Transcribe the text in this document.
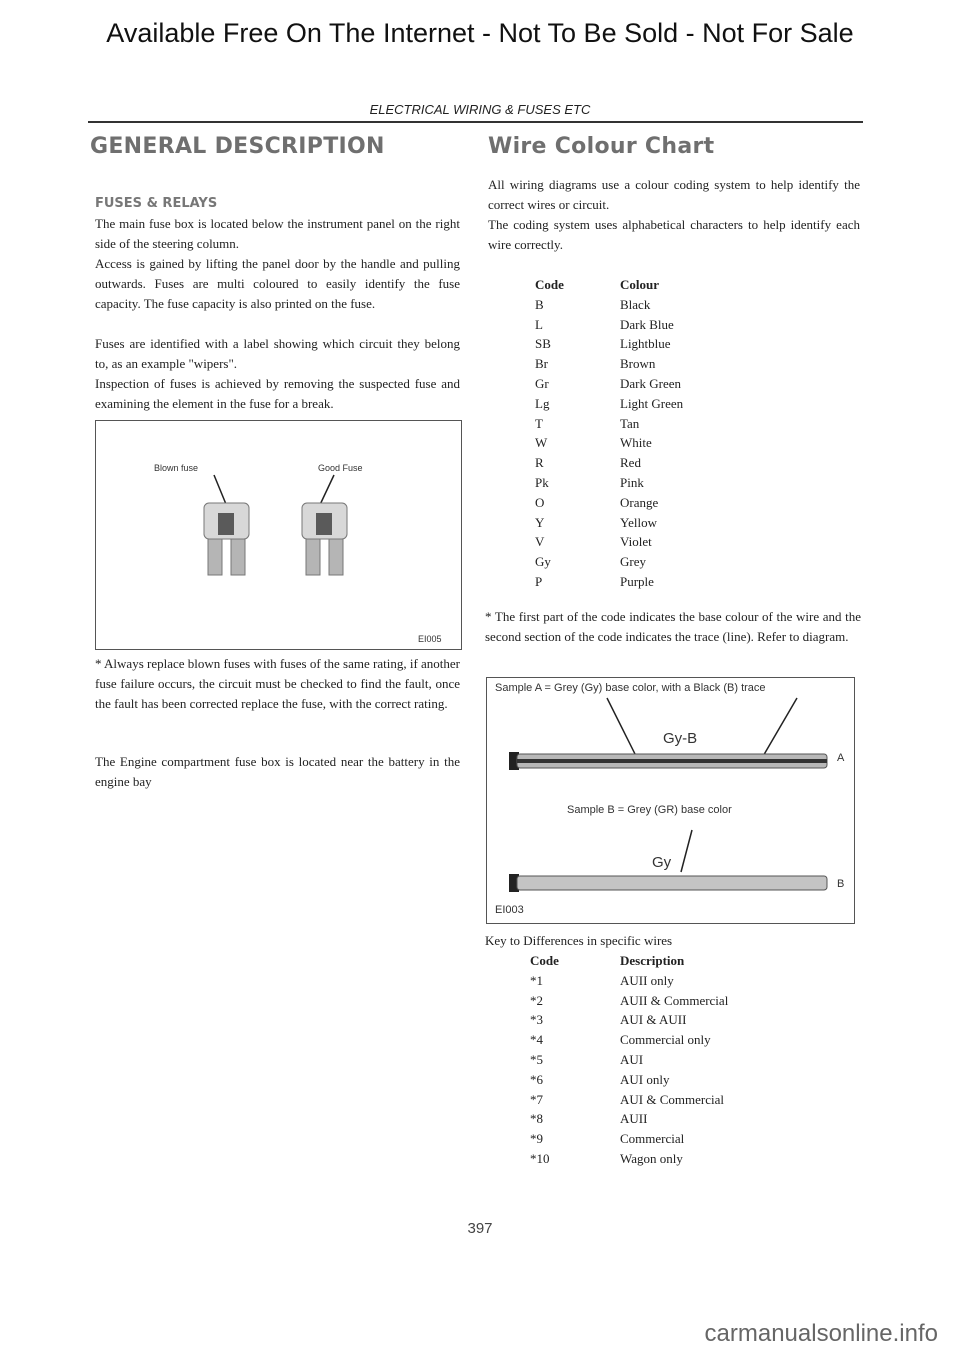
Available Free On The Internet - Not To Be Sold - Not For Sale
ELECTRICAL WIRING & FUSES ETC
GENERAL DESCRIPTION
FUSES & RELAYS
The main fuse box is located below the instrument panel on the right side of the steering column.
Access is gained by lifting the panel door by the handle and pulling outwards. Fuses are multi coloured to easily identify the fuse capacity. The fuse capacity is also printed on the fuse.
Fuses are identified with a label showing which circuit they belong to, as an example "wipers".
Inspection of fuses is achieved by removing the suspected fuse and examining the element in the fuse for a break.
Blown fuse	Good Fuse
EI005
* Always replace blown fuses with fuses of the same rating, if another fuse failure occurs, the circuit must be checked to find the fault, once the fault has been corrected replace the fuse, with the correct rating.
The Engine compartment fuse box is located near the battery in the engine bay
Wire Colour Chart
All wiring diagrams use a colour coding system to help identify the correct wires or circuit.
The coding system uses alphabetical characters to help identify each wire correctly.
Code
B
L
SB
Br
Gr
Lg
T
W
R
Pk
O
Y
V
Gy
P
Colour
Black
Dark Blue
Lightblue
Brown
Dark Green
Light Green
Tan
White
Red
Pink
Orange
Yellow
Violet
Grey
Purple
* The first part of the code indicates the base colour of the wire and the second section of the code indicates the trace (line). Refer to diagram.
Sample A = Grey (Gy) base color, with a Black (B) trace
Gy-B
A
Sample B = Grey (GR) base color
Gy
B
EI003
Key to Differences in specific wires
Code
*1
*2
*3
*4
*5
*6
*7
*8
*9
*10
Description
AUII only
AUII & Commercial
AUI & AUII
Commercial only
AUI
AUI only
AUI & Commercial
AUII
Commercial
Wagon only
397
carmanualsonline.info
